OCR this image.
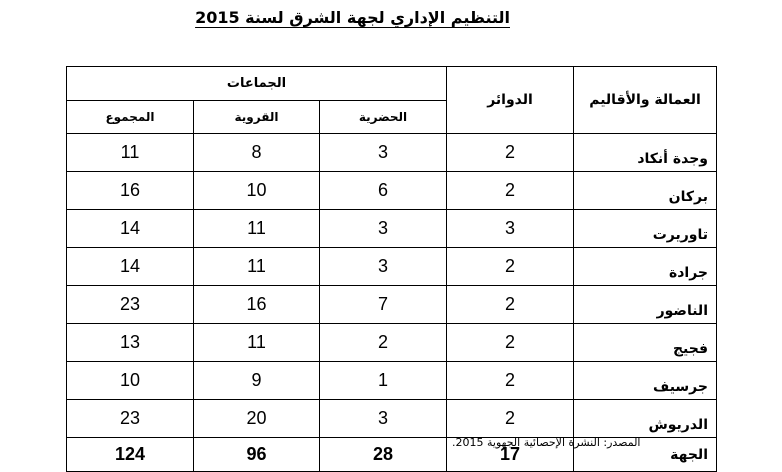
التنظيم الإداري لجهة الشرق لسنة 2015
العمالة والأقاليم	الدوائر	الجماعات		
		الحضرية	القروية	المجموع
وجدة أنكاد	2	3	8	11
بركان	2	6	10	16
تاوريرت	3	3	11	14
جرادة	2	3	11	14
الناضور	2	7	16	23
فجيج	2	2	11	13
جرسيف	2	1	9	10
الدريوش	2	3	20	23
الجهة	17	28	96	124
المصدر: النشرة الإحصائية الجهوية 2015.
